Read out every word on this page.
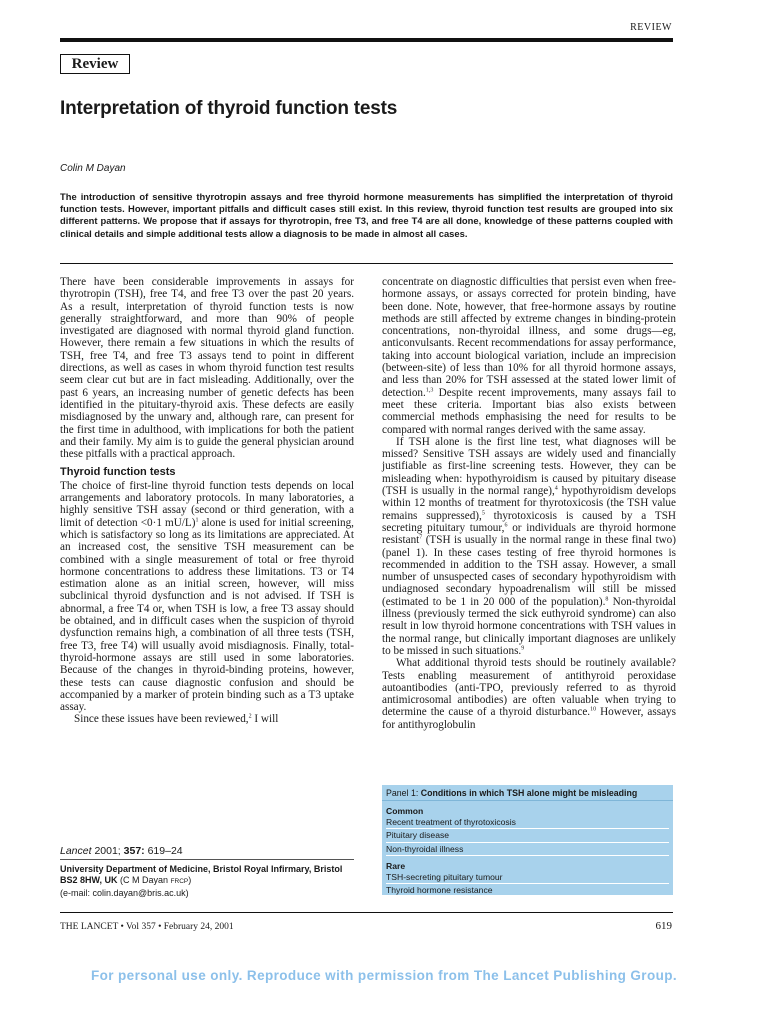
REVIEW
Review
Interpretation of thyroid function tests
Colin M Dayan

The introduction of sensitive thyrotropin assays and free thyroid hormone measurements has simplified the interpretation of thyroid function tests. However, important pitfalls and difficult cases still exist. In this review, thyroid function test results are grouped into six different patterns. We propose that if assays for thyrotropin, free T3, and free T4 are all done, knowledge of these patterns coupled with clinical details and simple additional tests allow a diagnosis to be made in almost all cases.

There have been considerable improvements in assays for thyrotropin (TSH), free T4, and free T3 over the past 20 years. As a result, interpretation of thyroid function tests is now generally straightforward, and more than 90% of people investigated are diagnosed with normal thyroid gland function. However, there remain a few situations in which the results of TSH, free T4, and free T3 assays tend to point in different directions, as well as cases in whom thyroid function test results seem clear cut but are in fact misleading. Additionally, over the past 6 years, an increasing number of genetic defects has been identified in the pituitary-thyroid axis. These defects are easily misdiagnosed by the unwary and, although rare, can present for the first time in adulthood, with implications for both the patient and their family. My aim is to guide the general physician around these pitfalls with a practical approach.

Thyroid function tests

The choice of first-line thyroid function tests depends on local arrangements and laboratory protocols. In many laboratories, a highly sensitive TSH assay (second or third generation, with a limit of detection <0·1 mU/L)$^1$ alone is used for initial screening, which is satisfactory so long as its limitations are appreciated. At an increased cost, the sensitive TSH measurement can be combined with a single measurement of total or free thyroid hormone concentrations to address these limitations. T3 or T4 estimation alone as an initial screen, however, will miss subclinical thyroid dysfunction and is not advised. If TSH is abnormal, a free T4 or, when TSH is low, a free T3 assay should be obtained, and in difficult cases when the suspicion of thyroid dysfunction remains high, a combination of all three tests (TSH, free T3, free T4) will usually avoid misdiagnosis. Finally, total-thyroid-hormone assays are still used in some laboratories. Because of the changes in thyroid-binding proteins, however, these tests can cause diagnostic confusion and should be accompanied by a marker of protein binding such as a T3 uptake assay.

Since these issues have been reviewed,$^2$ I will

concentrate on diagnostic difficulties that persist even when free-hormone assays, or assays corrected for protein binding, have been done. Note, however, that free-hormone assays by routine methods are still affected by extreme changes in binding-protein concentrations, non-thyroidal illness, and some drugs—eg, anticonvulsants. Recent recommendations for assay performance, taking into account biological variation, include an imprecision (between-site) of less than 10% for all thyroid hormone assays, and less than 20% for TSH assessed at the stated lower limit of detection.$^{1,3}$ Despite recent improvements, many assays fail to meet these criteria. Important bias also exists between commercial methods emphasising the need for results to be compared with normal ranges derived with the same assay.

If TSH alone is the first line test, what diagnoses will be missed? Sensitive TSH assays are widely used and financially justifiable as first-line screening tests. However, they can be misleading when: hypothyroidism is caused by pituitary disease (TSH is usually in the normal range),$^4$ hypothyroidism develops within 12 months of treatment for thyrotoxicosis (the TSH value remains suppressed),$^5$ thyrotoxicosis is caused by a TSH secreting pituitary tumour,$^6$ or individuals are thyroid hormone resistant$^7$ (TSH is usually in the normal range in these final two) (panel 1). In these cases testing of free thyroid hormones is recommended in addition to the TSH assay. However, a small number of unsuspected cases of secondary hypothyroidism with undiagnosed secondary hypoadrenalism will still be missed (estimated to be 1 in 20 000 of the population).$^8$ Non-thyroidal illness (previously termed the sick euthyroid syndrome) can also result in low thyroid hormone concentrations with TSH values in the normal range, but clinically important diagnoses are unlikely to be missed in such situations.$^9$

What additional thyroid tests should be routinely available? Tests enabling measurement of antithyroid peroxidase autoantibodies (anti-TPO, previously referred to as thyroid antimicrosomal antibodies) are often valuable when trying to determine the cause of a thyroid disturbance.$^{10}$ However, assays for antithyroglobulin

Panel 1: Conditions in which TSH alone might be misleading
Common
Recent treatment of thyrotoxicosis
Pituitary disease
Non-thyroidal illness
Rare
TSH-secreting pituitary tumour
Thyroid hormone resistance
Lancet 2001; 357: 619–24
University Department of Medicine, Bristol Royal Infirmary, Bristol BS2 8HW, UK (C M Dayan FRCP)
(e-mail: colin.dayan@bris.ac.uk)
THE LANCET • Vol 357 • February 24, 2001	619
For personal use only. Reproduce with permission from The Lancet Publishing Group.
